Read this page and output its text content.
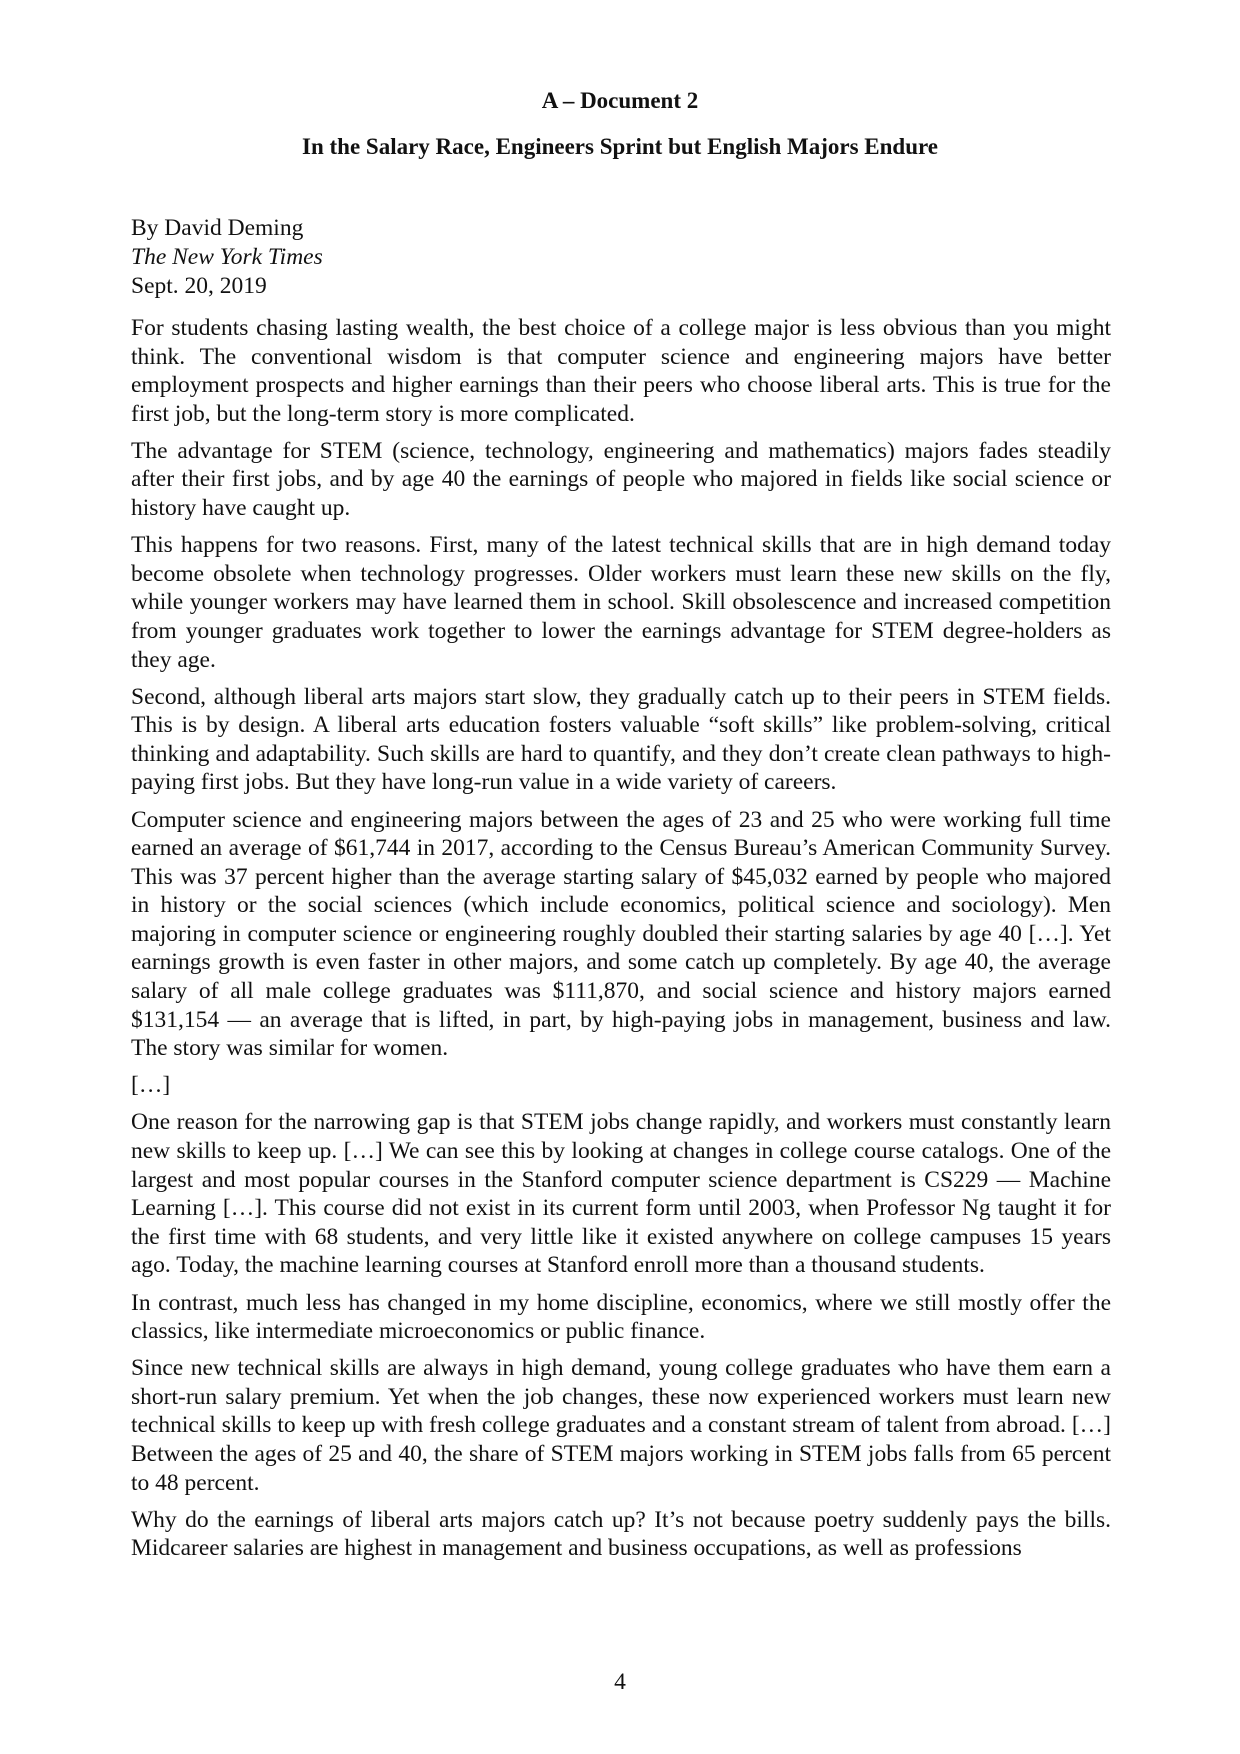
A – Document 2
In the Salary Race, Engineers Sprint but English Majors Endure
By David Deming
The New York Times
Sept. 20, 2019

For students chasing lasting wealth, the best choice of a college major is less obvious than you might think. The conventional wisdom is that computer science and engineering majors have better employment prospects and higher earnings than their peers who choose liberal arts. This is true for the first job, but the long-term story is more complicated.

The advantage for STEM (science, technology, engineering and mathematics) majors fades steadily after their first jobs, and by age 40 the earnings of people who majored in fields like social science or history have caught up.

This happens for two reasons. First, many of the latest technical skills that are in high demand today become obsolete when technology progresses. Older workers must learn these new skills on the fly, while younger workers may have learned them in school. Skill obsolescence and increased competition from younger graduates work together to lower the earnings advantage for STEM degree-holders as they age.

Second, although liberal arts majors start slow, they gradually catch up to their peers in STEM fields. This is by design. A liberal arts education fosters valuable “soft skills” like problem-solving, critical thinking and adaptability. Such skills are hard to quantify, and they don’t create clean pathways to high-paying first jobs. But they have long-run value in a wide variety of careers.

Computer science and engineering majors between the ages of 23 and 25 who were working full time earned an average of $61,744 in 2017, according to the Census Bureau’s American Community Survey. This was 37 percent higher than the average starting salary of $45,032 earned by people who majored in history or the social sciences (which include economics, political science and sociology). Men majoring in computer science or engineering roughly doubled their starting salaries by age 40 […]. Yet earnings growth is even faster in other majors, and some catch up completely. By age 40, the average salary of all male college graduates was $111,870, and social science and history majors earned $131,154 — an average that is lifted, in part, by high-paying jobs in management, business and law. The story was similar for women.

[…]

One reason for the narrowing gap is that STEM jobs change rapidly, and workers must constantly learn new skills to keep up. […] We can see this by looking at changes in college course catalogs. One of the largest and most popular courses in the Stanford computer science department is CS229 — Machine Learning […]. This course did not exist in its current form until 2003, when Professor Ng taught it for the first time with 68 students, and very little like it existed anywhere on college campuses 15 years ago. Today, the machine learning courses at Stanford enroll more than a thousand students.

In contrast, much less has changed in my home discipline, economics, where we still mostly offer the classics, like intermediate microeconomics or public finance.

Since new technical skills are always in high demand, young college graduates who have them earn a short-run salary premium. Yet when the job changes, these now experienced workers must learn new technical skills to keep up with fresh college graduates and a constant stream of talent from abroad. […] Between the ages of 25 and 40, the share of STEM majors working in STEM jobs falls from 65 percent to 48 percent.

Why do the earnings of liberal arts majors catch up? It’s not because poetry suddenly pays the bills. Midcareer salaries are highest in management and business occupations, as well as professions

4
